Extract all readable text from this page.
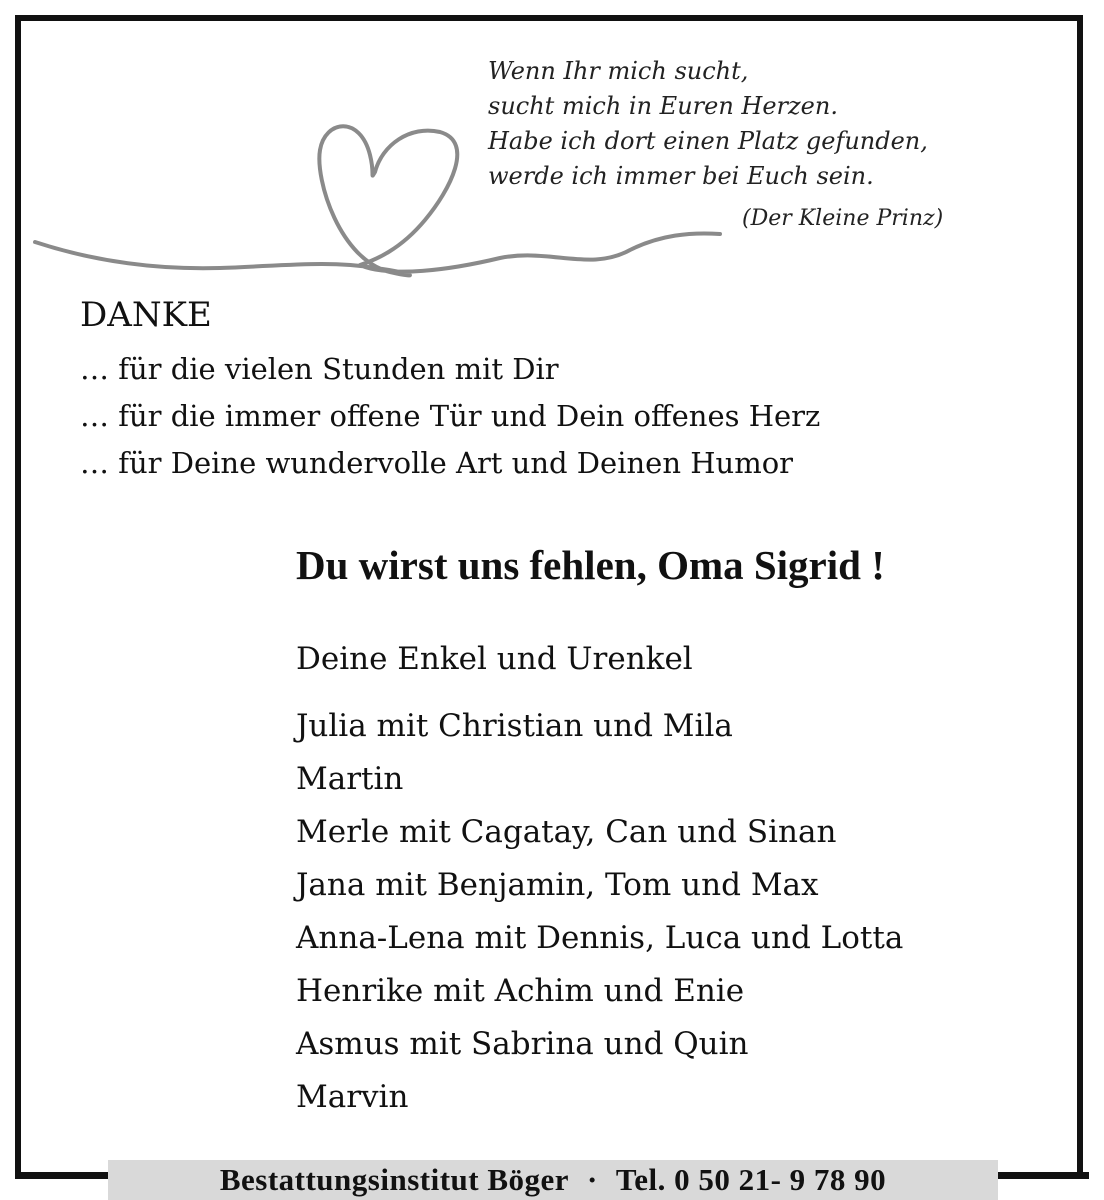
Wenn Ihr mich sucht,
sucht mich in Euren Herzen.
Habe ich dort einen Platz gefunden,
werde ich immer bei Euch sein.
(Der Kleine Prinz)
DANKE
… für die vielen Stunden mit Dir
… für die immer offene Tür und Dein offenes Herz
… für Deine wundervolle Art und Deinen Humor
Du wirst uns fehlen, Oma Sigrid !
Deine Enkel und Urenkel
Julia mit Christian und Mila
Martin
Merle mit Cagatay, Can und Sinan
Jana mit Benjamin, Tom und Max
Anna-Lena mit Dennis, Luca und Lotta
Henrike mit Achim und Enie
Asmus mit Sabrina und Quin
Marvin
Bestattungsinstitut Böger · Tel. 0 50 21- 9 78 90
